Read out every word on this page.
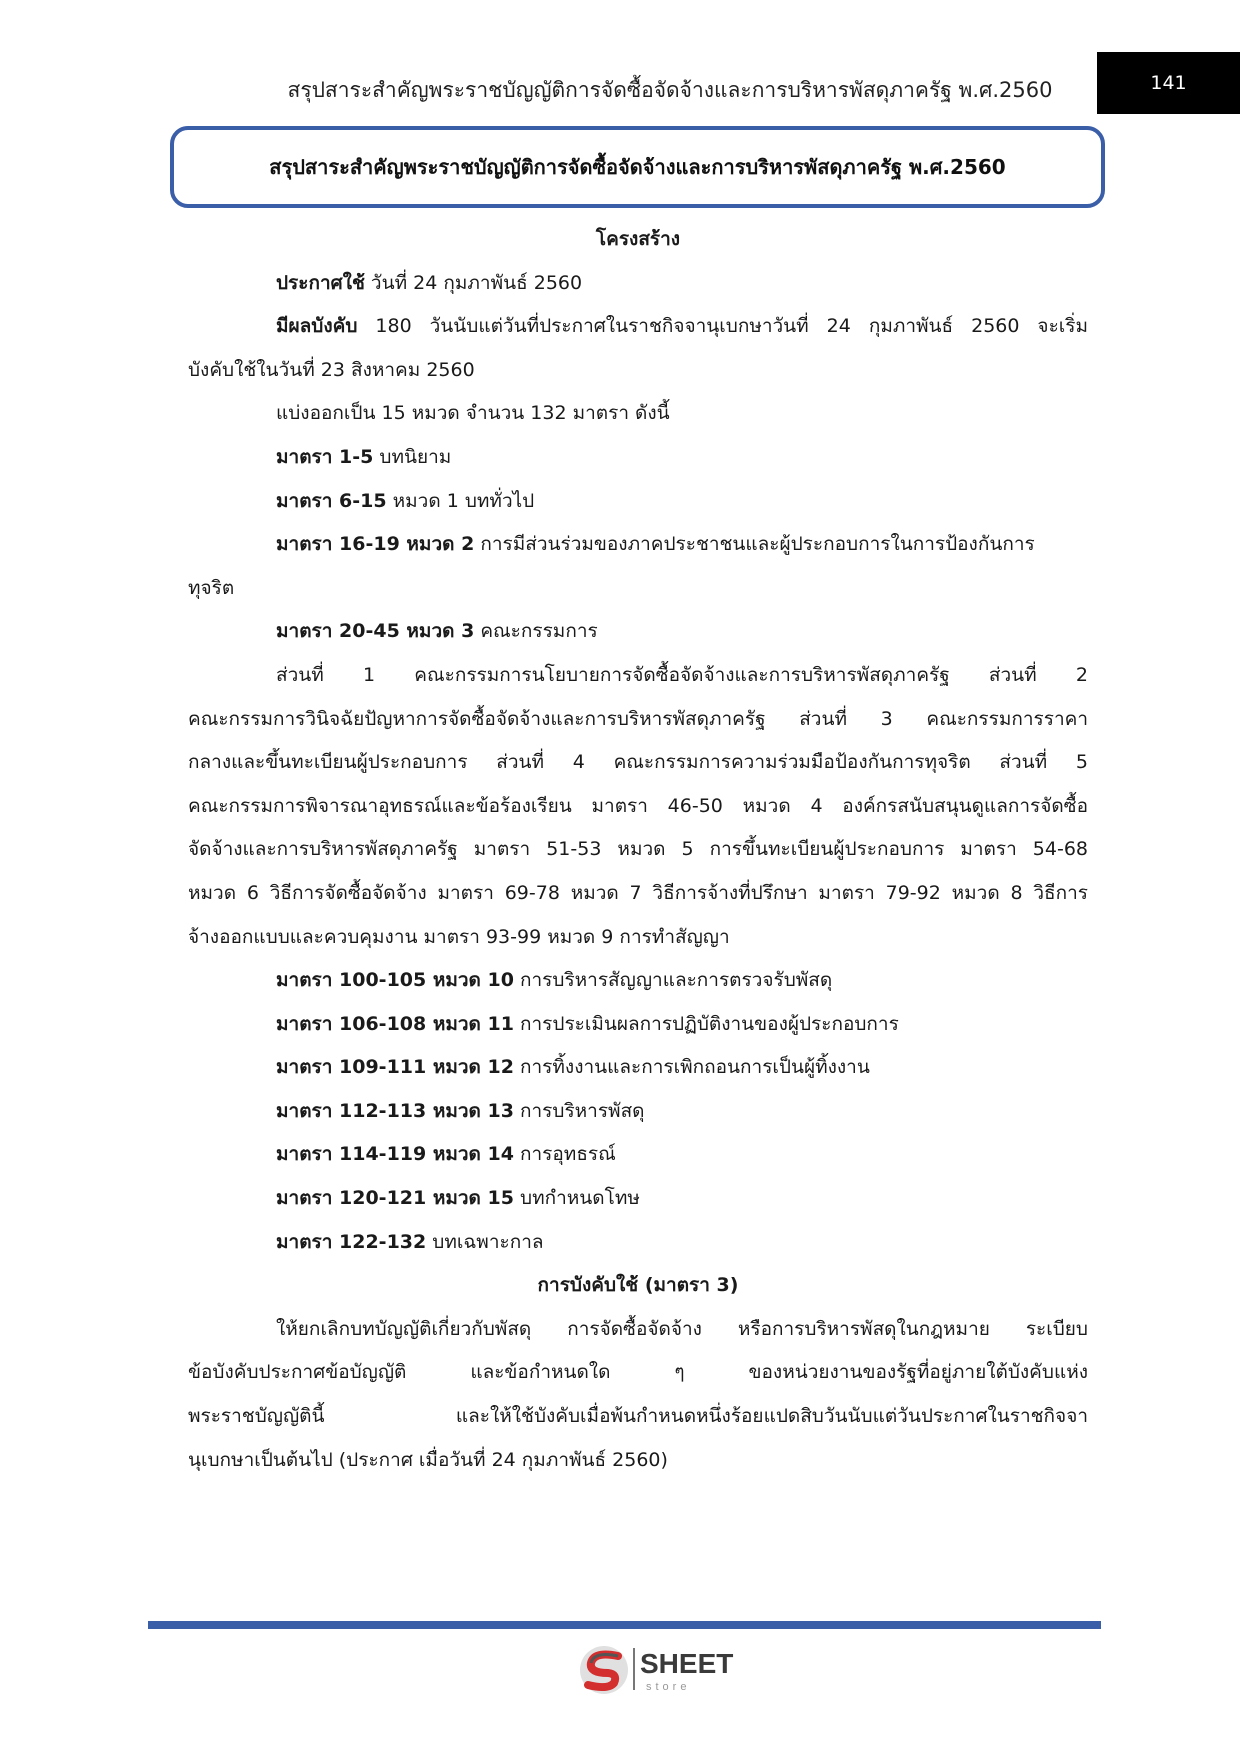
สรุปสาระสำคัญพระราชบัญญัติการจัดซื้อจัดจ้างและการบริหารพัสดุภาครัฐ พ.ศ.2560	141
สรุปสาระสำคัญพระราชบัญญัติการจัดซื้อจัดจ้างและการบริหารพัสดุภาครัฐ พ.ศ.2560
โครงสร้าง
ประกาศใช้ วันที่ 24 กุมภาพันธ์ 2560
มีผลบังคับ 180 วันนับแต่วันที่ประกาศในราชกิจจานุเบกษาวันที่ 24 กุมภาพันธ์ 2560 จะเริ่ม
บังคับใช้ในวันที่ 23 สิงหาคม 2560
แบ่งออกเป็น 15 หมวด จำนวน 132 มาตรา ดังนี้
มาตรา 1-5 บทนิยาม
มาตรา 6-15 หมวด 1 บททั่วไป
มาตรา 16-19 หมวด 2 การมีส่วนร่วมของภาคประชาชนและผู้ประกอบการในการป้องกันการ
ทุจริต
มาตรา 20-45 หมวด 3 คณะกรรมการ
ส่วนที่ 1 คณะกรรมการนโยบายการจัดซื้อจัดจ้างและการบริหารพัสดุภาครัฐ ส่วนที่ 2
คณะกรรมการวินิจฉัยปัญหาการจัดซื้อจัดจ้างและการบริหารพัสดุภาครัฐ ส่วนที่ 3 คณะกรรมการราคา
กลางและขึ้นทะเบียนผู้ประกอบการ ส่วนที่ 4 คณะกรรมการความร่วมมือป้องกันการทุจริต ส่วนที่ 5
คณะกรรมการพิจารณาอุทธรณ์และข้อร้องเรียน มาตรา 46-50 หมวด 4 องค์กรสนับสนุนดูแลการจัดซื้อ
จัดจ้างและการบริหารพัสดุภาครัฐ มาตรา 51-53 หมวด 5 การขึ้นทะเบียนผู้ประกอบการ มาตรา 54-68
หมวด 6 วิธีการจัดซื้อจัดจ้าง มาตรา 69-78 หมวด 7 วิธีการจ้างที่ปรึกษา มาตรา 79-92 หมวด 8 วิธีการ
จ้างออกแบบและควบคุมงาน มาตรา 93-99 หมวด 9 การทำสัญญา
มาตรา 100-105 หมวด 10 การบริหารสัญญาและการตรวจรับพัสดุ
มาตรา 106-108 หมวด 11 การประเมินผลการปฏิบัติงานของผู้ประกอบการ
มาตรา 109-111 หมวด 12 การทิ้งงานและการเพิกถอนการเป็นผู้ทิ้งงาน
มาตรา 112-113 หมวด 13 การบริหารพัสดุ
มาตรา 114-119 หมวด 14 การอุทธรณ์
มาตรา 120-121 หมวด 15 บทกำหนดโทษ
มาตรา 122-132 บทเฉพาะกาล
การบังคับใช้ (มาตรา 3)
ให้ยกเลิกบทบัญญัติเกี่ยวกับพัสดุ การจัดซื้อจัดจ้าง หรือการบริหารพัสดุในกฎหมาย ระเบียบ
ข้อบังคับประกาศข้อบัญญัติ และข้อกำหนดใด ๆ ของหน่วยงานของรัฐที่อยู่ภายใต้บังคับแห่ง
พระราชบัญญัตินี้ และให้ใช้บังคับเมื่อพ้นกำหนดหนึ่งร้อยแปดสิบวันนับแต่วันประกาศในราชกิจจา
นุเบกษาเป็นต้นไป (ประกาศ เมื่อวันที่ 24 กุมภาพันธ์ 2560)
SHEET
store
